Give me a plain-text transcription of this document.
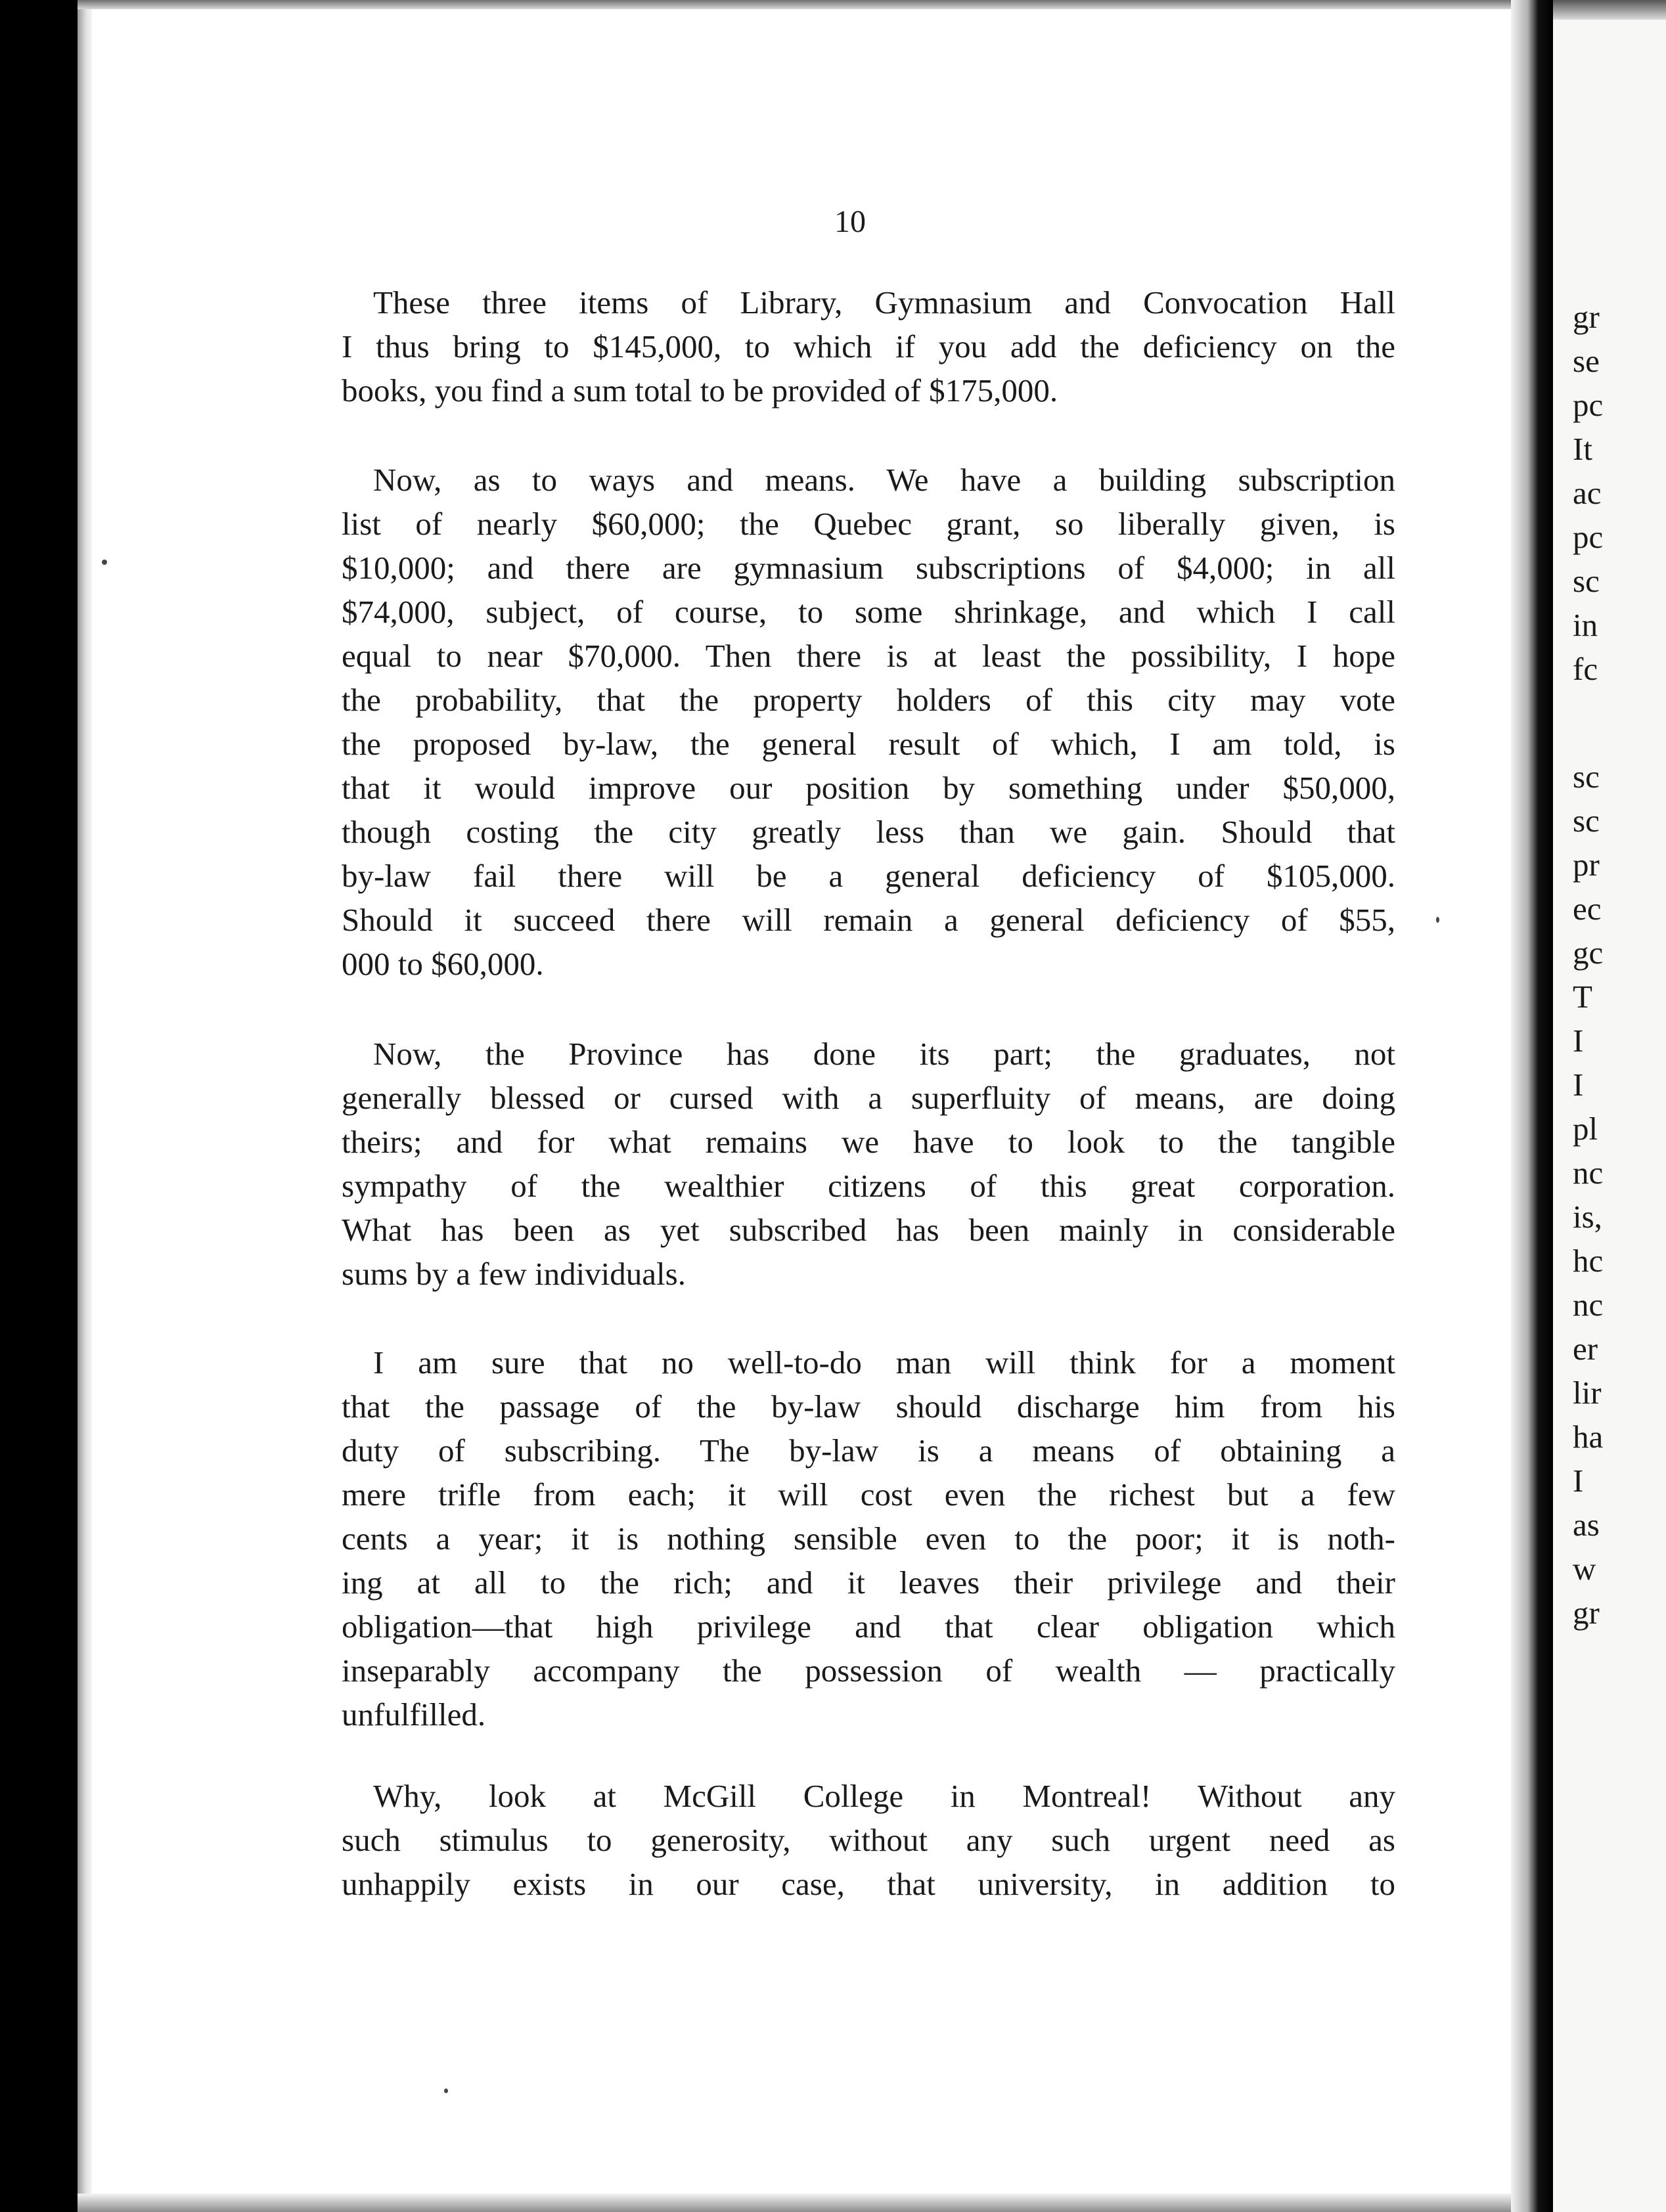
10
These three items of Library, Gymnasium and Convocation Hall
I thus bring to $145,000, to which if you add the deficiency on the
books, you find a sum total to be provided of $175,000.
Now, as to ways and means. We have a building subscription
list of nearly $60,000; the Quebec grant, so liberally given, is
$10,000; and there are gymnasium subscriptions of $4,000; in all
$74,000, subject, of course, to some shrinkage, and which I call
equal to near $70,000. Then there is at least the possibility, I hope
the probability, that the property holders of this city may vote
the proposed by-law, the general result of which, I am told, is
that it would improve our position by something under $50,000,
though costing the city greatly less than we gain. Should that
by-law fail there will be a general deficiency of $105,000.
Should it succeed there will remain a general deficiency of $55,
000 to $60,000.
Now, the Province has done its part; the graduates, not
generally blessed or cursed with a superfluity of means, are doing
theirs; and for what remains we have to look to the tangible
sympathy of the wealthier citizens of this great corporation.
What has been as yet subscribed has been mainly in considerable
sums by a few individuals.
I am sure that no well-to-do man will think for a moment
that the passage of the by-law should discharge him from his
duty of subscribing. The by-law is a means of obtaining a
mere trifle from each; it will cost even the richest but a few
cents a year; it is nothing sensible even to the poor; it is noth-
ing at all to the rich; and it leaves their privilege and their
obligation—that high privilege and that clear obligation which
inseparably accompany the possession of wealth — practically
unfulfilled.
Why, look at McGill College in Montreal! Without any
such stimulus to generosity, without any such urgent need as
unhappily exists in our case, that university, in addition to
gr
se
pc
It
ac
pc
sc
in
fc
sc
sc
pr
ec
gc
T
I
I
pl
nc
is,
hc
nc
er
lir
ha
I
as
w
gr
